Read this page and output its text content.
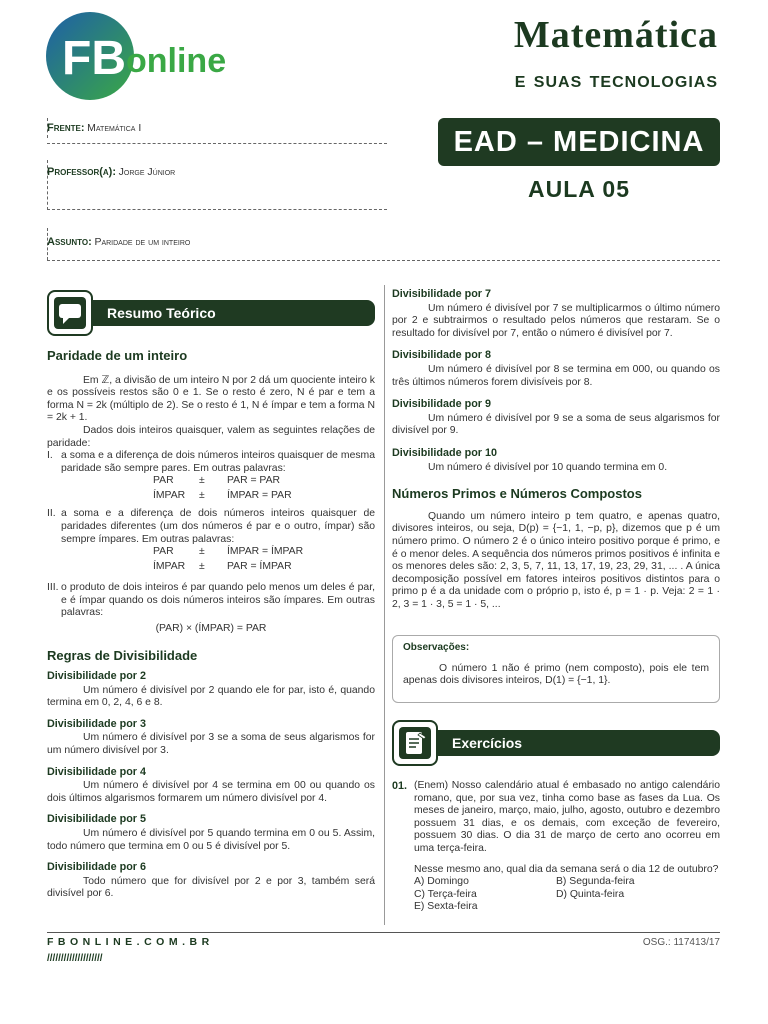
FB online
Matemática
e suas tecnologias
EAD – MEDICINA
AULA 05
Frente: Matemática I
Professor(a): Jorge Júnior
Assunto: Paridade de um inteiro
Resumo Teórico

Paridade de um inteiro

Em ℤ, a divisão de um inteiro N por 2 dá um quociente inteiro k e os possíveis restos são 0 e 1. Se o resto é zero, N é par e tem a forma N = 2k (múltiplo de 2). Se o resto é 1, N é ímpar e tem a forma N = 2k + 1.

Dados dois inteiros quaisquer, valem as seguintes relações de paridade:

I. a soma e a diferença de dois números inteiros quaisquer de mesma paridade são sempre pares. Em outras palavras:
PAR ± PAR = PAR
ÍMPAR ± ÍMPAR = PAR
II. a soma e a diferença de dois números inteiros quaisquer de paridades diferentes (um dos números é par e o outro, ímpar) são sempre ímpares. Em outras palavras:
PAR ± ÍMPAR = ÍMPAR
ÍMPAR ± PAR = ÍMPAR
III. o produto de dois inteiros é par quando pelo menos um deles é par, e é ímpar quando os dois números inteiros são ímpares. Em outras palavras:

(PAR) × (ÍMPAR) = PAR

Regras de Divisibilidade

Divisibilidade por 2

Um número é divisível por 2 quando ele for par, isto é, quando termina em 0, 2, 4, 6 e 8.

Divisibilidade por 3

Um número é divisível por 3 se a soma de seus algarismos for um número divisível por 3.

Divisibilidade por 4

Um número é divisível por 4 se termina em 00 ou quando os dois últimos algarismos formarem um número divisível por 4.

Divisibilidade por 5

Um número é divisível por 5 quando termina em 0 ou 5. Assim, todo número que termina em 0 ou 5 é divisível por 5.

Divisibilidade por 6

Todo número que for divisível por 2 e por 3, também será divisível por 6.

Divisibilidade por 7

Um número é divisível por 7 se multiplicarmos o último número por 2 e subtrairmos o resultado pelos números que restaram. Se o resultado for divisível por 7, então o número é divisível por 7.

Divisibilidade por 8

Um número é divisível por 8 se termina em 000, ou quando os três últimos números forem divisíveis por 8.

Divisibilidade por 9

Um número é divisível por 9 se a soma de seus algarismos for divisível por 9.

Divisibilidade por 10

Um número é divisível por 10 quando termina em 0.

Números Primos e Números Compostos

Quando um número inteiro p tem quatro, e apenas quatro, divisores inteiros, ou seja, D(p) = {−1, 1, −p, p}, dizemos que p é um número primo. O número 2 é o único inteiro positivo porque é primo, e é o menor deles. A sequência dos números primos positivos é infinita e os menores deles são: 2, 3, 5, 7, 11, 13, 17, 19, 23, 29, 31, ... . A única decomposição possível em fatores inteiros positivos distintos para o primo p é a da unidade com o próprio p, isto é, p = 1 · p. Veja: 2 = 1 · 2, 3 = 1 · 3, 5 = 1 · 5, ...

Observações:

O número 1 não é primo (nem composto), pois ele tem apenas dois divisores inteiros, D(1) = {−1, 1}.

Exercícios
01. (Enem) Nosso calendário atual é embasado no antigo calendário romano, que, por sua vez, tinha como base as fases da Lua. Os meses de janeiro, março, maio, julho, agosto, outubro e dezembro possuem 31 dias, e os demais, com exceção de fevereiro, possuem 30 dias. O dia 31 de março de certo ano ocorreu em uma terça-feira.

Nesse mesmo ano, qual dia da semana será o dia 12 de outubro?

A) Domingo	B) Segunda-feira
C) Terça-feira	D) Quinta-feira
E) Sexta-feira
FBONLINE.COM.BR	OSG.: 117413/17
////////////////////
